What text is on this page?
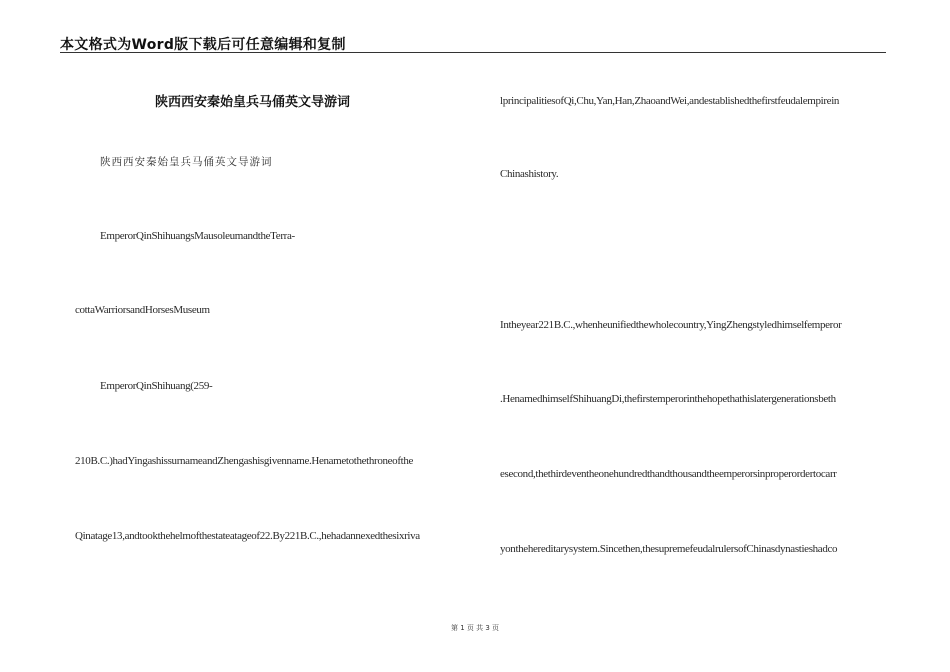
本文格式为Word版下载后可任意编辑和复制
陕西西安秦始皇兵马俑英文导游词
陕西西安秦始皇兵马俑英文导游词
EmperorQinShihuangsMausoleumandtheTerra-
cottaWarriorsandHorsesMuseum
EmperorQinShihuang(259-
210B.C.)hadYingashissurnameandZhengashisgivenname.Henametothethroneofthe
Qinatage13,andtookthehelmofthestateatageof22.By221B.C.,hehadannexedthesixriva
lprincipalitiesofQi,Chu,Yan,Han,ZhaoandWei,andestablishedthefirstfeudalempirein
Chinashistory.
Intheyear221B.C.,whenheunifiedthewholecountry,YingZhengstyledhimselfemperor
.HenamedhimselfShihuangDi,thefirstemperorinthehopethathislatergenerationsbeth
esecond,thethirdeventheonehundredthandthousandtheemperorsinproperordertocarr
yonthehereditarysystem.Sincethen,thesupremefeudalrulersofChinasdynastieshadco
第 1 页 共 3 页
